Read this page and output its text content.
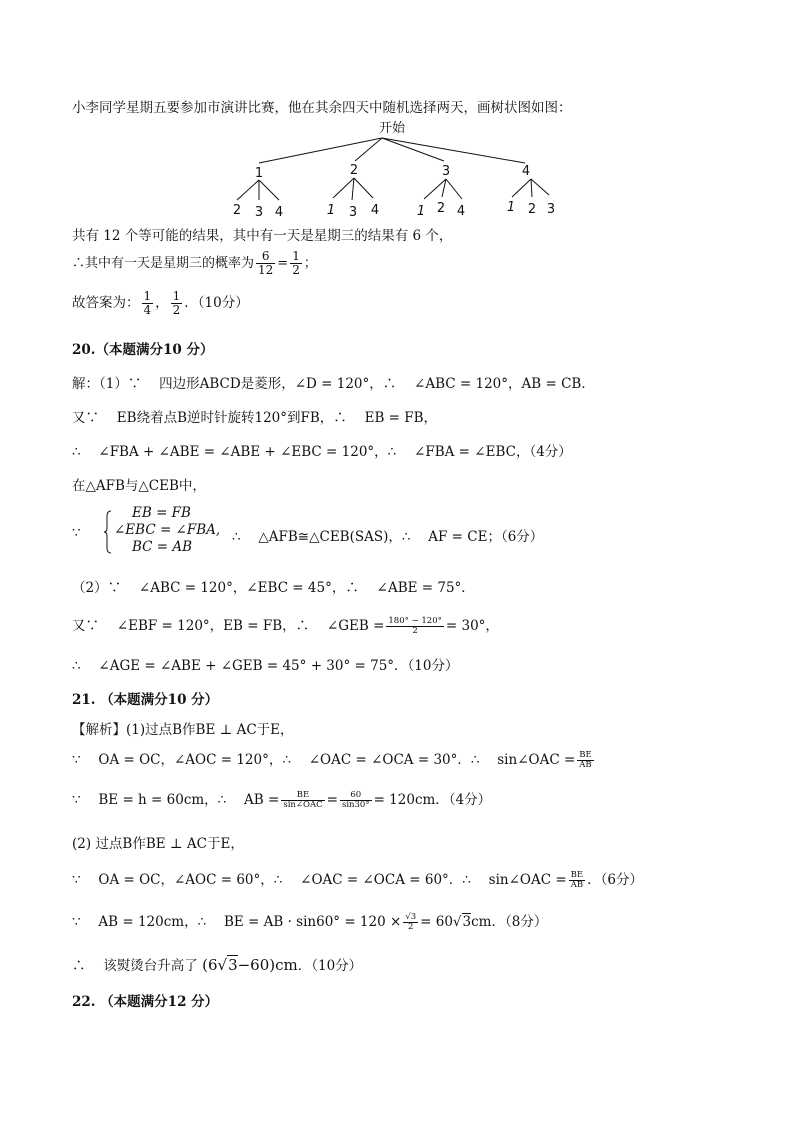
小李同学星期五要参加市演讲比赛，他在其余四天中随机选择两天，画树状图如图：
开始
1	2	3	4
2 3 4	1 3 4	1 2 4	1 2 3
共有 12 个等可能的结果，其中有一天是星期三的结果有 6 个，
∴其中有一天是星期三的概率为 $\frac{6}{12} = \frac{1}{2}$ ；
故答案为： $\frac{1}{4}$ ， $\frac{1}{2}$ ．（10分）
20.（本题满分10 分）
解：（1）∵　 四边形ABCD是菱形，∠D = 120°，∴　 ∠ABC = 120°，AB = CB．
又∵　 EB绕着点B逆时针旋转120°到FB，∴　 EB = FB，
∴　 ∠FBA + ∠ABE = ∠ABE + ∠EBC = 120°，∴　 ∠FBA = ∠EBC，（4分）
在△AFB与△CEB中，
∵
EB = FB
∠EBC = ∠FBA,
BC = AB
∴　 △AFB≅△CEB(SAS)，∴　 AF = CE；（6分）
（2）∵　 ∠ABC = 120°，∠EBC = 45°，∴　 ∠ABE = 75°．
又∵　 ∠EBF = 120°，EB = FB，∴　 ∠GEB = $\frac{180^\circ - 120^\circ}{2} = 30^\circ$，
∴　 ∠AGE = ∠ABE + ∠GEB = 45° + 30° = 75°．（10分）
21. （本题满分10 分）
【解析】(1)过点B作BE ⊥ AC于E，
∵　 OA = OC，∠AOC = 120°，∴　 ∠OAC = ∠OCA = 30°．∴　 sin∠OAC = $\frac{BE}{AB}$
∵　 BE = h = 60cm，∴　 AB = $\frac{BE}{\text{sin∠OAC}} = \frac{60}{\sin 30^\circ} = 120cm$．（4分）
(2) 过点B作BE ⊥ AC于E，
∵　 OA = OC，∠AOC = 60°，∴　 ∠OAC = ∠OCA = 60°．∴　 sin∠OAC = $\frac{BE}{AB}$ ．（6分）
∵　 AB = 120cm，∴　 BE = AB · $\sin 60^\circ = 120 \times \frac{√3}{2} = 60√3cm$．（8分）
∴　 该熨烫台升高了 (6√3−60)cm．（10分）
22. （本题满分12 分）
